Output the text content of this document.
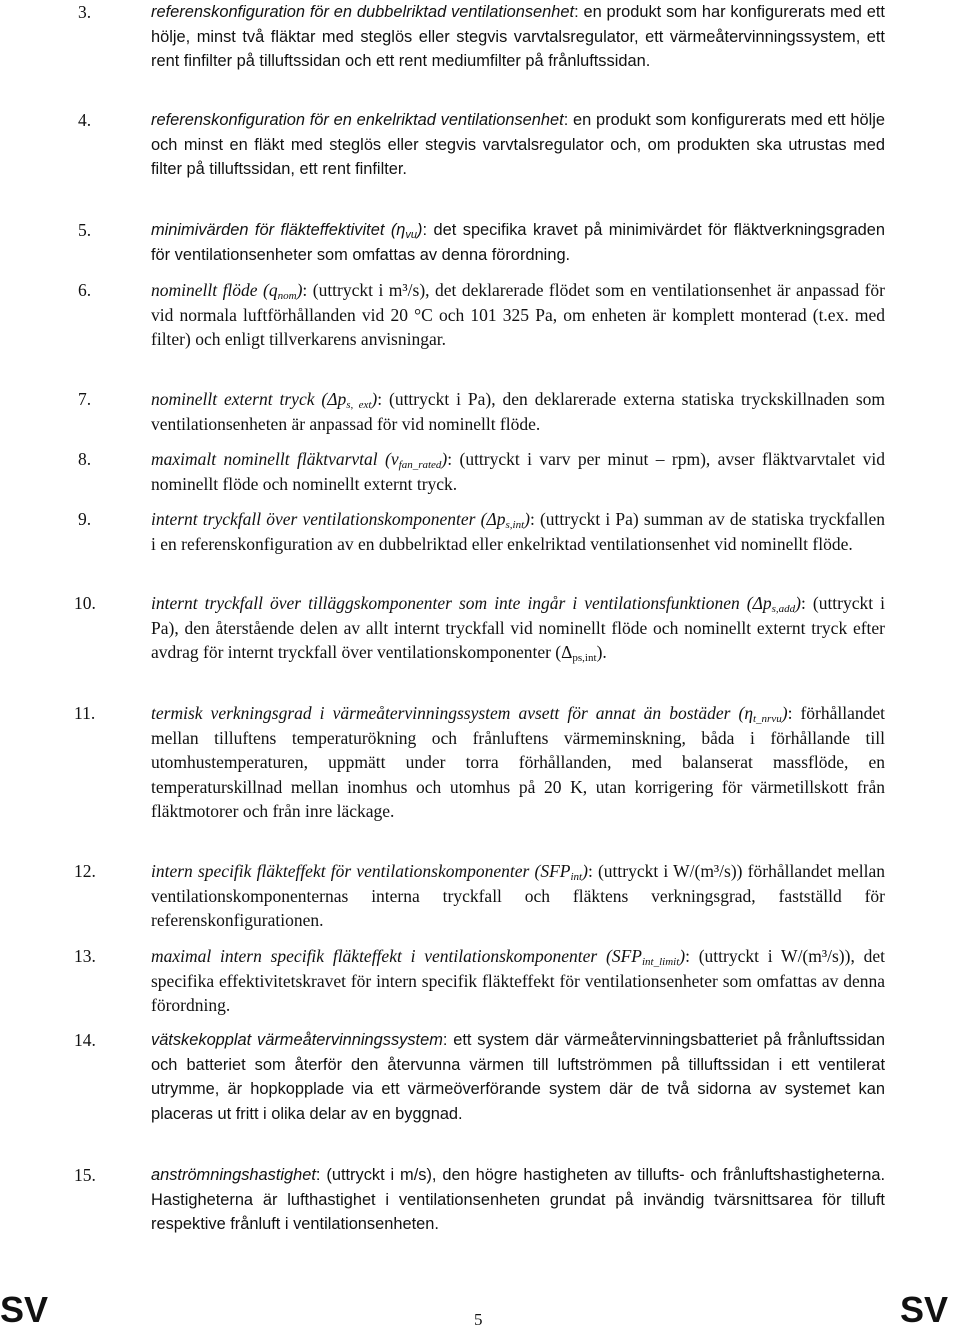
3.	referenskonfiguration för en dubbelriktad ventilationsenhet: en produkt som har konfigurerats med ett hölje, minst två fläktar med steglös eller stegvis varvtalsregulator, ett värmeåtervinningssystem, ett rent finfilter på tilluftssidan och ett rent mediumfilter på frånluftssidan.

4.	referenskonfiguration för en enkelriktad ventilationsenhet: en produkt som konfigurerats med ett hölje och minst en fläkt med steglös eller stegvis varvtalsregulator och, om produkten ska utrustas med filter på tilluftssidan, ett rent finfilter.

5.	minimivärden för fläkteffektivitet $(\eta_{vu})$: det specifika kravet på minimivärdet för fläktverkningsgraden för ventilationsenheter som omfattas av denna förordning.

6.	nominellt flöde $(q_{nom})$: (uttryckt i m³/s), det deklarerade flödet som en ventilationsenhet är anpassad för vid normala luftförhållanden vid 20 °C och 101 325 Pa, om enheten är komplett monterad (t.ex. med filter) och enligt tillverkarens anvisningar.

7.	nominellt externt tryck $(\Delta p_{s, ext})$: (uttryckt i Pa), den deklarerade externa statiska tryckskillnaden som ventilationsenheten är anpassad för vid nominellt flöde.

8.	maximalt nominellt fläktvarvtal $(v_{fan\_rated})$: (uttryckt i varv per minut – rpm), avser fläktvarvtalet vid nominellt flöde och nominellt externt tryck.

9.	internt tryckfall över ventilationskomponenter $(\Delta p_{s,int})$: (uttryckt i Pa) summan av de statiska tryckfallen i en referenskonfiguration av en dubbelriktad eller enkelriktad ventilationsenhet vid nominellt flöde.

10.	internt tryckfall över tilläggskomponenter som inte ingår i ventilationsfunktionen $(\Delta p_{s,add})$: (uttryckt i Pa), den återstående delen av allt internt tryckfall vid nominellt flöde och nominellt externt tryck efter avdrag för internt tryckfall över ventilationskomponenter $(\Delta_{ps,int})$.

11.	termisk verkningsgrad i värmeåtervinningssystem avsett för annat än bostäder $(\eta_{t\_nrvu})$: förhållandet mellan tilluftens temperaturökning och frånluftens värmeminskning, båda i förhållande till utomhustemperaturen, uppmätt under torra förhållanden, med balanserat massflöde, en temperaturskillnad mellan inomhus och utomhus på 20 K, utan korrigering för värmetillskott från fläktmotorer och från inre läckage.

12.	intern specifik fläkteffekt för ventilationskomponenter $(SFP_{int})$: (uttryckt i W/(m³/s)) förhållandet mellan ventilationskomponenternas interna tryckfall och fläktens verkningsgrad, fastställd för referenskonfigurationen.

13.	maximal intern specifik fläkteffekt i ventilationskomponenter $(SFP_{int\_limit})$: (uttryckt i W/(m³/s)), det specifika effektivitetskravet för intern specifik fläkteffekt för ventilationsenheter som omfattas av denna förordning.

14.	vätskekopplat värmeåtervinningssystem: ett system där värmeåtervinningsbatteriet på frånluftssidan och batteriet som återför den återvunna värmen till luftströmmen på tilluftssidan i ett ventilerat utrymme, är hopkopplade via ett värmeöverförande system där de två sidorna av systemet kan placeras ut fritt i olika delar av en byggnad.

15.	anströmningshastighet: (uttryckt i m/s), den högre hastigheten av tillufts- och frånluftshastigheterna. Hastigheterna är lufthastighet i ventilationsenheten grundat på invändig tvärsnittsarea för tilluft respektive frånluft i ventilationsenheten.

SV	5	SV
